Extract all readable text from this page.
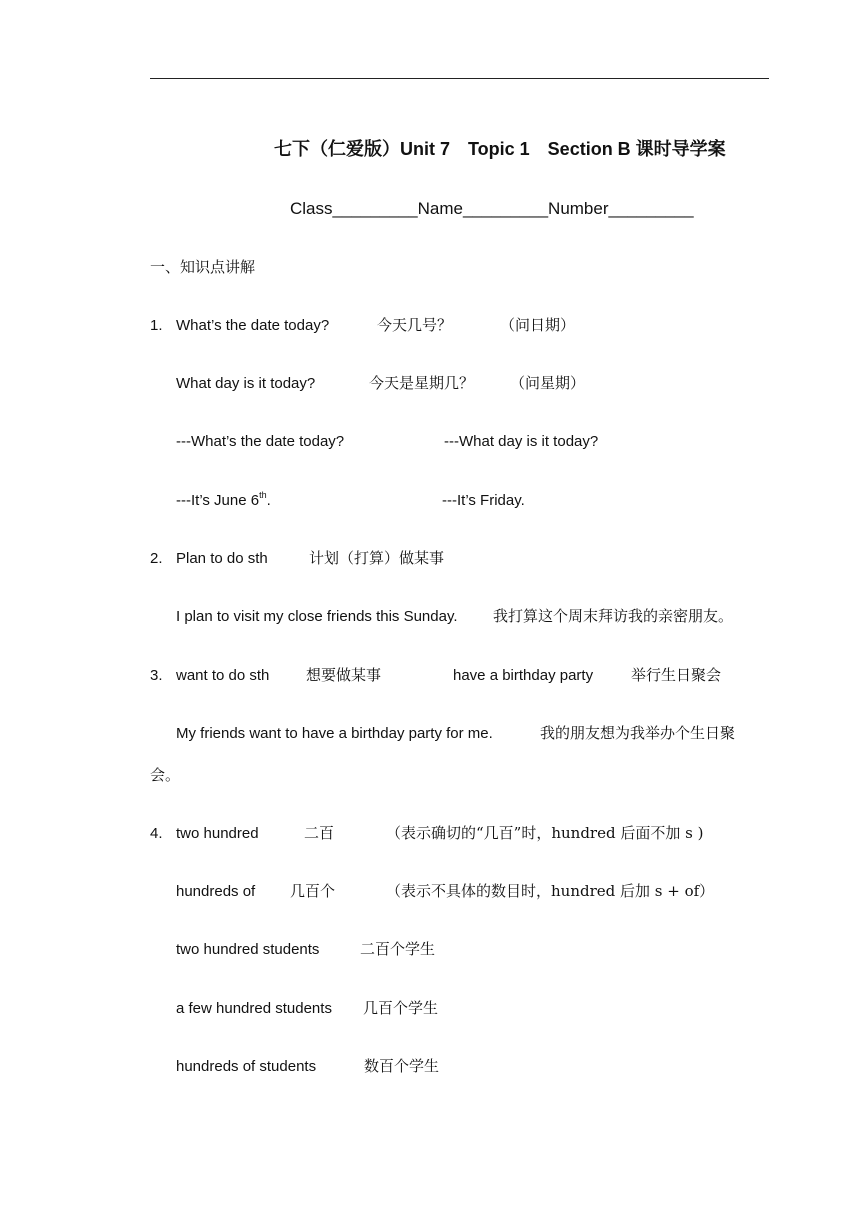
七下（仁爱版）Unit 7　Topic 1　Section B 课时导学案
Class_________Name_________Number_________
一、知识点讲解
1. What’s the date today?	今天几号？	（问日期）
What day is it today?	今天是星期几？ （问星期）
---What’s the date today?	---What day is it today?
---It’s June 6th.	---It’s Friday.
2. Plan to do sth	计划（打算）做某事
I plan to visit my close friends this Sunday. 我打算这个周末拜访我的亲密朋友。
3. want to do sth 想要做某事	have a birthday party	举行生日聚会
My friends want to have a birthday party for me.	我的朋友想为我举办个生日聚
会。
4. two hundred	二百	（表示确切的“几百”时，hundred 后面不加 s )
hundreds of 几百个	（表示不具体的数目时，hundred 后加 s + of）
two hundred students	二百个学生
a few hundred students 几百个学生
hundreds of students	数百个学生
